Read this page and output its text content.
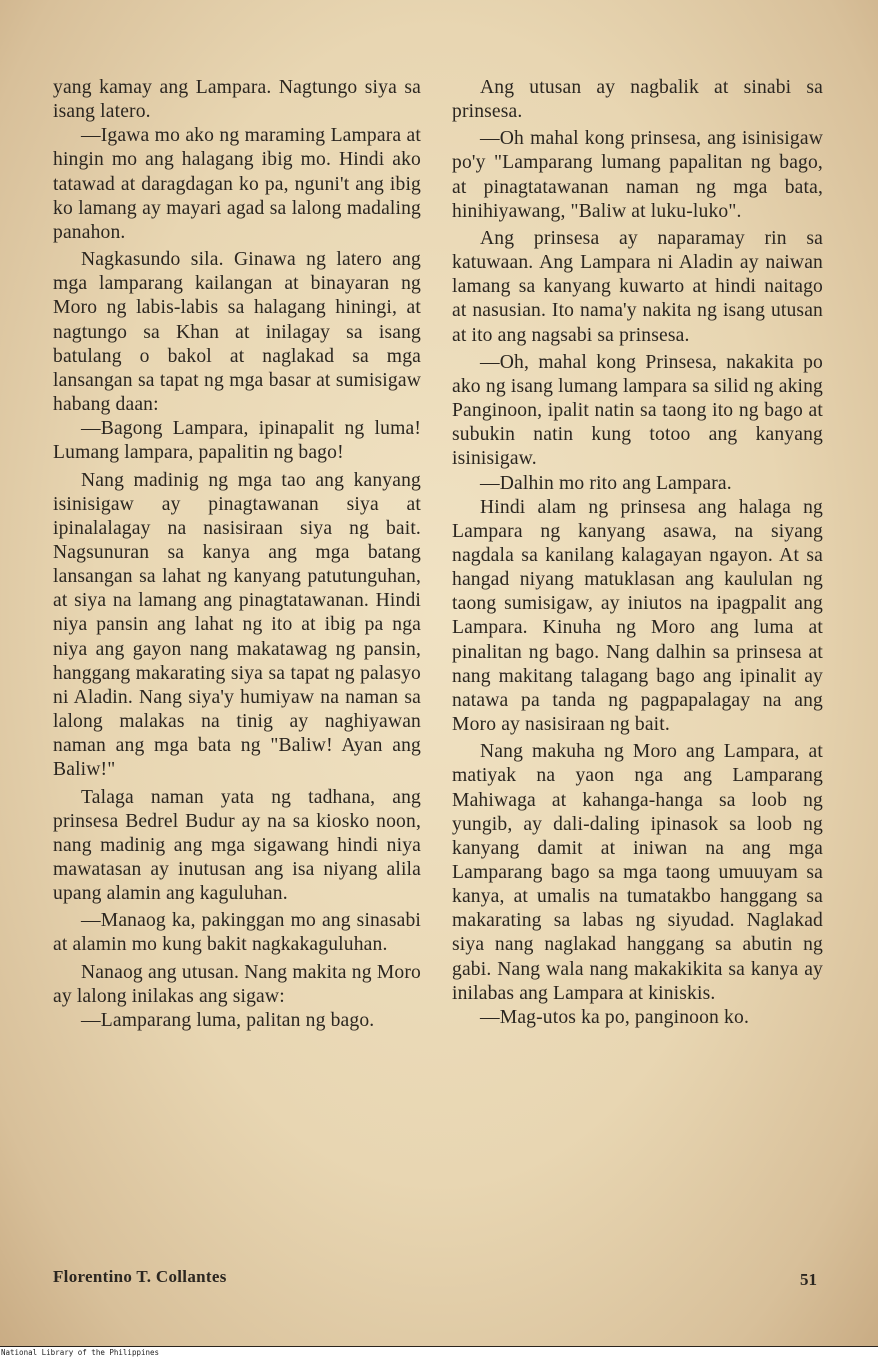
yang kamay ang Lampara. Nagtungo siya sa isang latero.

—Igawa mo ako ng maraming Lampara at hingin mo ang halagang ibig mo. Hindi ako tatawad at daragdagan ko pa, nguni't ang ibig ko lamang ay mayari agad sa lalong madaling panahon.

Nagkasundo sila. Ginawa ng latero ang mga lamparang kailangan at binayaran ng Moro ng labis-labis sa halagang hiningi, at nagtungo sa Khan at inilagay sa isang batulang o bakol at naglakad sa mga lansangan sa tapat ng mga basar at sumisigaw habang daan:

—Bagong Lampara, ipinapalit ng luma! Lumang lampara, papalitin ng bago!

Nang madinig ng mga tao ang kanyang isinisigaw ay pinagtawanan siya at ipinalalagay na nasisiraan siya ng bait. Nagsunuran sa kanya ang mga batang lansangan sa lahat ng kanyang patutunguhan, at siya na lamang ang pinagtatawanan. Hindi niya pansin ang lahat ng ito at ibig pa nga niya ang gayon nang makatawag ng pansin, hanggang makarating siya sa tapat ng palasyo ni Aladin. Nang siya'y humiyaw na naman sa lalong malakas na tinig ay naghiyawan naman ang mga bata ng "Baliw! Ayan ang Baliw!"

Talaga naman yata ng tadhana, ang prinsesa Bedrel Budur ay na sa kiosko noon, nang madinig ang mga sigawang hindi niya mawatasan ay inutusan ang isa niyang alila upang alamin ang kaguluhan.

—Manaog ka, pakinggan mo ang sinasabi at alamin mo kung bakit nagkakaguluhan.

Nanaog ang utusan. Nang makita ng Moro ay lalong inilakas ang sigaw:

—Lamparang luma, palitan ng bago.

Ang utusan ay nagbalik at sinabi sa prinsesa.

—Oh mahal kong prinsesa, ang isinisigaw po'y "Lamparang lumang papalitan ng bago, at pinagtatawanan naman ng mga bata, hinihiyawang, "Baliw at luku-luko".

Ang prinsesa ay naparamay rin sa katuwaan. Ang Lampara ni Aladin ay naiwan lamang sa kanyang kuwarto at hindi naitago at nasusian. Ito nama'y nakita ng isang utusan at ito ang nagsabi sa prinsesa.

—Oh, mahal kong Prinsesa, nakakita po ako ng isang lumang lampara sa silid ng aking Panginoon, ipalit natin sa taong ito ng bago at subukin natin kung totoo ang kanyang isinisigaw.

—Dalhin mo rito ang Lampara.

Hindi alam ng prinsesa ang halaga ng Lampara ng kanyang asawa, na siyang nagdala sa kanilang kalagayan ngayon. At sa hangad niyang matuklasan ang kaululan ng taong sumisigaw, ay iniutos na ipagpalit ang Lampara. Kinuha ng Moro ang luma at pinalitan ng bago. Nang dalhin sa prinsesa at nang makitang talagang bago ang ipinalit ay natawa pa tanda ng pagpapalagay na ang Moro ay nasisiraan ng bait.

Nang makuha ng Moro ang Lampara, at matiyak na yaon nga ang Lamparang Mahiwaga at kahanga-hanga sa loob ng yungib, ay dali-daling ipinasok sa loob ng kanyang damit at iniwan na ang mga Lamparang bago sa mga taong umuuyam sa kanya, at umalis na tumatakbo hanggang sa makarating sa labas ng siyudad. Naglakad siya nang naglakad hanggang sa abutin ng gabi. Nang wala nang makakikita sa kanya ay inilabas ang Lampara at kiniskis.

—Mag-utos ka po, panginoon ko.

Florentino T. Collantes	51
National Library of the Philippines
